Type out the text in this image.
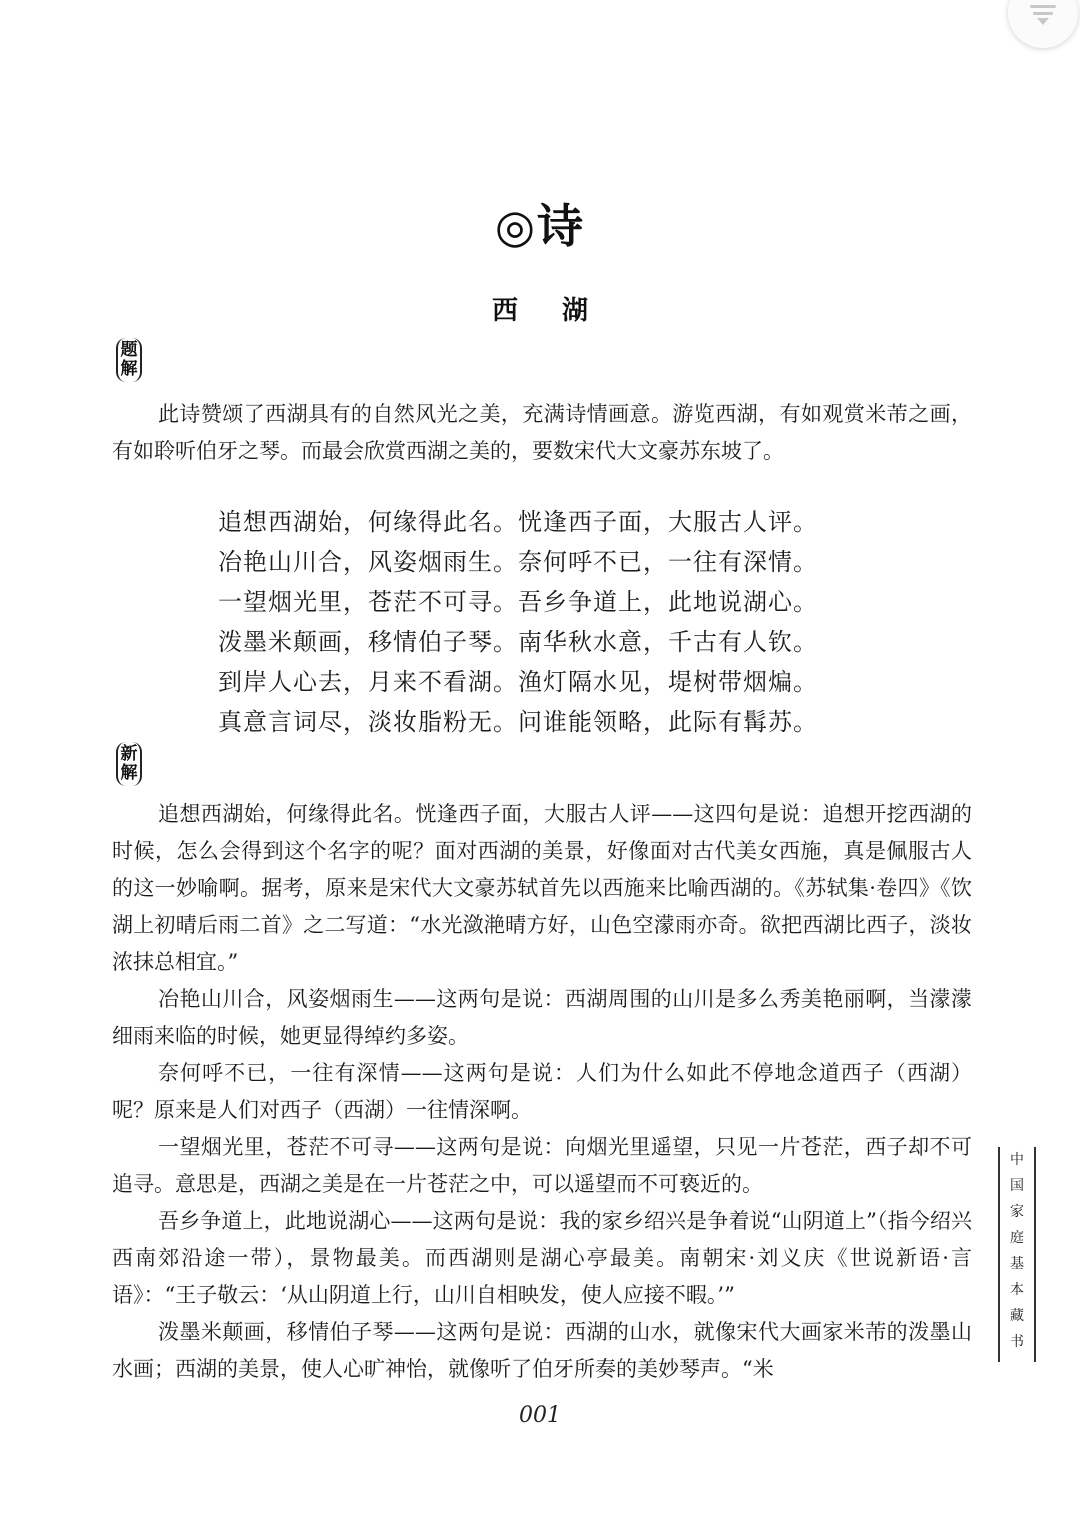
◎诗
西 湖
题
解

此诗赞颂了西湖具有的自然风光之美，充满诗情画意。游览西湖，有如观赏米芾之画，有如聆听伯牙之琴。而最会欣赏西湖之美的，要数宋代大文豪苏东坡了。

追想西湖始，何缘得此名。恍逢西子面，大服古人评。
冶艳山川合，风姿烟雨生。奈何呼不已，一往有深情。
一望烟光里，苍茫不可寻。吾乡争道上，此地说湖心。
泼墨米颠画，移情伯子琴。南华秋水意，千古有人钦。
到岸人心去，月来不看湖。渔灯隔水见，堤树带烟煸。
真意言词尽，淡妆脂粉无。问谁能领略，此际有髯苏。
新
解

追想西湖始，何缘得此名。恍逢西子面，大服古人评——这四句是说：追想开挖西湖的时候，怎么会得到这个名字的呢？面对西湖的美景，好像面对古代美女西施，真是佩服古人的这一妙喻啊。据考，原来是宋代大文豪苏轼首先以西施来比喻西湖的。《苏轼集·卷四》《饮湖上初晴后雨二首》之二写道：“水光潋滟晴方好，山色空濛雨亦奇。欲把西湖比西子，淡妆浓抹总相宜。”

冶艳山川合，风姿烟雨生——这两句是说：西湖周围的山川是多么秀美艳丽啊，当濛濛细雨来临的时候，她更显得绰约多姿。

奈何呼不已，一往有深情——这两句是说：人们为什么如此不停地念道西子（西湖）呢？原来是人们对西子（西湖）一往情深啊。

一望烟光里，苍茫不可寻——这两句是说：向烟光里遥望，只见一片苍茫，西子却不可追寻。意思是，西湖之美是在一片苍茫之中，可以遥望而不可亵近的。

吾乡争道上，此地说湖心——这两句是说：我的家乡绍兴是争着说“山阴道上”（指今绍兴西南郊沿途一带），景物最美。而西湖则是湖心亭最美。南朝宋·刘义庆《世说新语·言语》：“王子敬云：‘从山阴道上行，山川自相映发，使人应接不暇。’”

泼墨米颠画，移情伯子琴——这两句是说：西湖的山水，就像宋代大画家米芾的泼墨山水画；西湖的美景，使人心旷神怡，就像听了伯牙所奏的美妙琴声。“米

中
国
家
庭
基
本
藏
书
001
